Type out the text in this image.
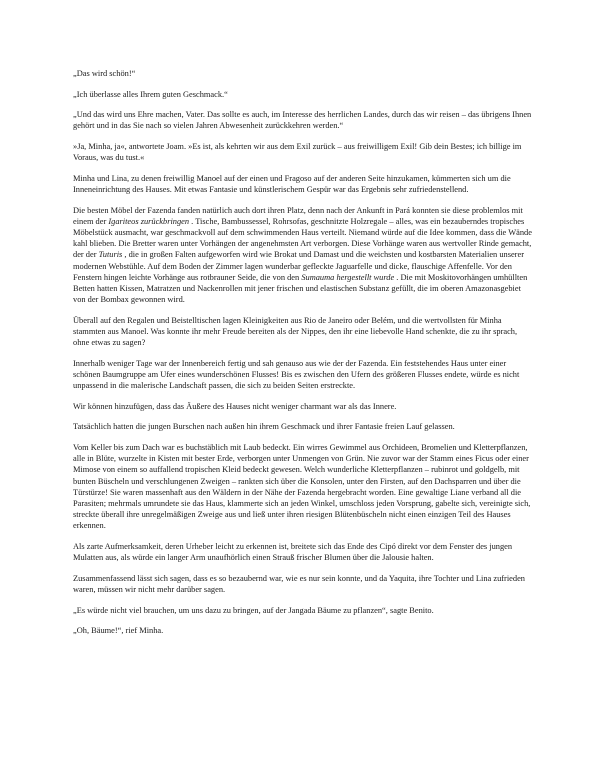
„Das wird schön!“

„Ich überlasse alles Ihrem guten Geschmack.“

„Und das wird uns Ehre machen, Vater. Das sollte es auch, im Interesse des herrlichen Landes, durch das wir reisen – das übrigens Ihnen gehört und in das Sie nach so vielen Jahren Abwesenheit zurückkehren werden.“

»Ja, Minha, ja«, antwortete Joam. »Es ist, als kehrten wir aus dem Exil zurück – aus freiwilligem Exil! Gib dein Bestes; ich billige im Voraus, was du tust.«

Minha und Lina, zu denen freiwillig Manoel auf der einen und Fragoso auf der anderen Seite hinzukamen, kümmerten sich um die Inneneinrichtung des Hauses. Mit etwas Fantasie und künstlerischem Gespür war das Ergebnis sehr zufriedenstellend.

Die besten Möbel der Fazenda fanden natürlich auch dort ihren Platz, denn nach der Ankunft in Pará konnten sie diese problemlos mit einem der Igariteos zurückbringen . Tische, Bambussessel, Rohrsofas, geschnitzte Holzregale – alles, was ein bezauberndes tropisches Möbelstück ausmacht, war geschmackvoll auf dem schwimmenden Haus verteilt. Niemand würde auf die Idee kommen, dass die Wände kahl blieben. Die Bretter waren unter Vorhängen der angenehmsten Art verborgen. Diese Vorhänge waren aus wertvoller Rinde gemacht, der der Tuturis , die in großen Falten aufgeworfen wird wie Brokat und Damast und die weichsten und kostbarsten Materialien unserer modernen Webstühle. Auf dem Boden der Zimmer lagen wunderbar gefleckte Jaguarfelle und dicke, flauschige Affenfelle. Vor den Fenstern hingen leichte Vorhänge aus rotbrauner Seide, die von den Sumauma hergestellt wurde . Die mit Moskitovorhängen umhüllten Betten hatten Kissen, Matratzen und Nackenrollen mit jener frischen und elastischen Substanz gefüllt, die im oberen Amazonasgebiet von der Bombax gewonnen wird.

Überall auf den Regalen und Beistelltischen lagen Kleinigkeiten aus Rio de Janeiro oder Belém, und die wertvollsten für Minha stammten aus Manoel. Was konnte ihr mehr Freude bereiten als der Nippes, den ihr eine liebevolle Hand schenkte, die zu ihr sprach, ohne etwas zu sagen?

Innerhalb weniger Tage war der Innenbereich fertig und sah genauso aus wie der der Fazenda. Ein feststehendes Haus unter einer schönen Baumgruppe am Ufer eines wunderschönen Flusses! Bis es zwischen den Ufern des größeren Flusses endete, würde es nicht unpassend in die malerische Landschaft passen, die sich zu beiden Seiten erstreckte.

Wir können hinzufügen, dass das Äußere des Hauses nicht weniger charmant war als das Innere.

Tatsächlich hatten die jungen Burschen nach außen hin ihrem Geschmack und ihrer Fantasie freien Lauf gelassen.

Vom Keller bis zum Dach war es buchstäblich mit Laub bedeckt. Ein wirres Gewimmel aus Orchideen, Bromelien und Kletterpflanzen, alle in Blüte, wurzelte in Kisten mit bester Erde, verborgen unter Unmengen von Grün. Nie zuvor war der Stamm eines Ficus oder einer Mimose von einem so auffallend tropischen Kleid bedeckt gewesen. Welch wunderliche Kletterpflanzen – rubinrot und goldgelb, mit bunten Büscheln und verschlungenen Zweigen – rankten sich über die Konsolen, unter den Firsten, auf den Dachsparren und über die Türstürze! Sie waren massenhaft aus den Wäldern in der Nähe der Fazenda hergebracht worden. Eine gewaltige Liane verband all die Parasiten; mehrmals umrundete sie das Haus, klammerte sich an jeden Winkel, umschloss jeden Vorsprung, gabelte sich, vereinigte sich, streckte überall ihre unregelmäßigen Zweige aus und ließ unter ihren riesigen Blütenbüscheln nicht einen einzigen Teil des Hauses erkennen.

Als zarte Aufmerksamkeit, deren Urheber leicht zu erkennen ist, breitete sich das Ende des Cipó direkt vor dem Fenster des jungen Mulatten aus, als würde ein langer Arm unaufhörlich einen Strauß frischer Blumen über die Jalousie halten.

Zusammenfassend lässt sich sagen, dass es so bezaubernd war, wie es nur sein konnte, und da Yaquita, ihre Tochter und Lina zufrieden waren, müssen wir nicht mehr darüber sagen.

„Es würde nicht viel brauchen, um uns dazu zu bringen, auf der Jangada Bäume zu pflanzen“, sagte Benito.

„Oh, Bäume!“, rief Minha.
